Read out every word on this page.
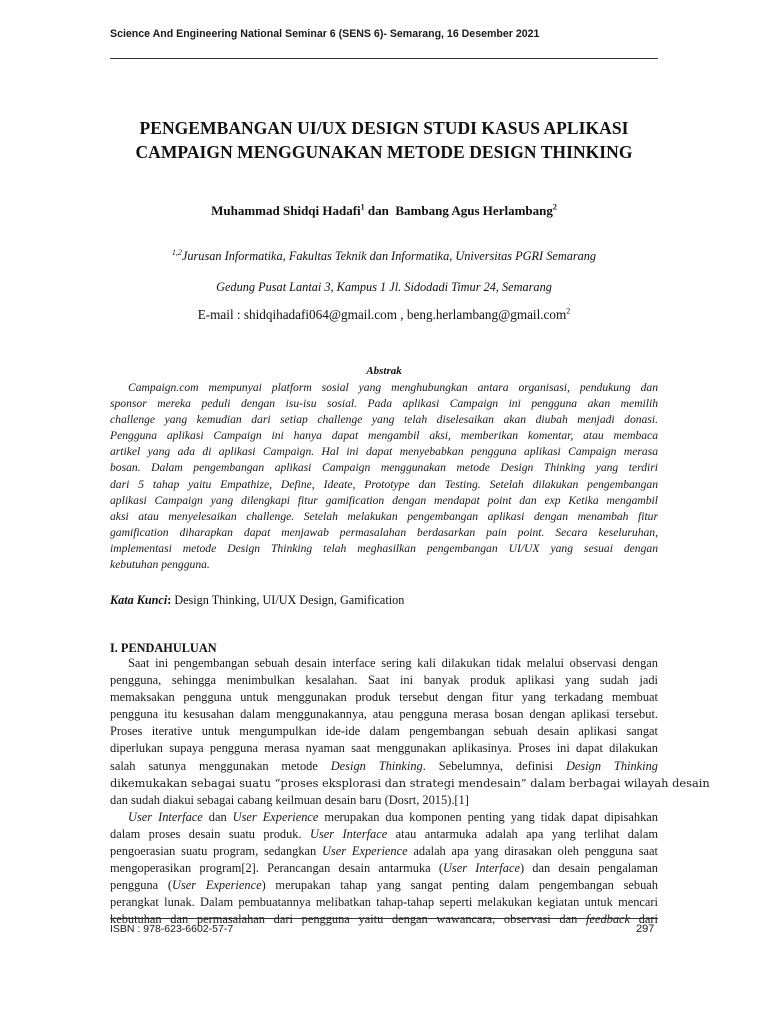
Science And Engineering National Seminar 6 (SENS 6)- Semarang, 16 Desember 2021
PENGEMBANGAN UI/UX DESIGN STUDI KASUS APLIKASI
CAMPAIGN MENGGUNAKAN METODE DESIGN THINKING
Muhammad Shidqi Hadafi$^1$ dan  Bambang Agus Herlambang$^2$
$^{1,2}$Jurusan Informatika, Fakultas Teknik dan Informatika, Universitas PGRI Semarang
Gedung Pusat Lantai 3, Kampus 1 Jl. Sidodadi Timur 24, Semarang
E-mail : shidqihadafi064@gmail.com , beng.herlambang@gmail.com$^2$
Abstrak
Campaign.com mempunyai platform sosial yang menghubungkan antara organisasi, pendukung dan
sponsor mereka peduli dengan isu-isu sosial. Pada aplikasi Campaign ini pengguna akan memilih
challenge yang kemudian dari setiap challenge yang telah diselesaikan akan diubah menjadi donasi.
Pengguna aplikasi Campaign ini hanya dapat mengambil aksi, memberikan komentar, atau membaca
artikel yang ada di aplikasi Campaign. Hal ini dapat menyebabkan pengguna aplikasi Campaign merasa
bosan. Dalam pengembangan aplikasi Campaign menggunakan metode Design Thinking yang terdiri
dari 5 tahap yaitu Empathize, Define, Ideate, Prototype dan Testing. Setelah dilakukan pengembangan
aplikasi Campaign yang dilengkapi fitur gamification dengan mendapat point dan exp Ketika mengambil
aksi atau menyelesaikan challenge. Setelah melakukan pengembangan aplikasi dengan menambah fitur
gamification diharapkan dapat menjawab permasalahan berdasarkan pain point. Secara keseluruhan,
implementasi metode Design Thinking telah meghasilkan pengembangan UI/UX yang sesuai dengan
kebutuhan pengguna.
Kata Kunci: Design Thinking, UI/UX Design, Gamification
I. PENDAHULUAN
Saat ini pengembangan sebuah desain interface sering kali dilakukan tidak melalui observasi dengan
pengguna, sehingga menimbulkan kesalahan. Saat ini banyak produk aplikasi yang sudah jadi
memaksakan pengguna untuk menggunakan produk tersebut dengan fitur yang terkadang membuat
pengguna itu kesusahan dalam menggunakannya, atau pengguna merasa bosan dengan aplikasi tersebut.
Proses iterative untuk mengumpulkan ide-ide dalam pengembangan sebuah desain aplikasi sangat
diperlukan supaya pengguna merasa nyaman saat menggunakan aplikasinya. Proses ini dapat dilakukan
salah satunya menggunakan metode Design Thinking. Sebelumnya, definisi Design Thinking
dikemukakan sebagai suatu “proses eksplorasi dan strategi mendesain” dalam berbagai wilayah desain
dan sudah diakui sebagai cabang keilmuan desain baru (Dosrt, 2015).[1]
User Interface dan User Experience merupakan dua komponen penting yang tidak dapat dipisahkan
dalam proses desain suatu produk. User Interface atau antarmuka adalah apa yang terlihat dalam
pengoerasian suatu program, sedangkan User Experience adalah apa yang dirasakan oleh pengguna saat
mengoperasikan program[2]. Perancangan desain antarmuka (User Interface) dan desain pengalaman
pengguna (User Experience) merupakan tahap yang sangat penting dalam pengembangan sebuah
perangkat lunak. Dalam pembuatannya melibatkan tahap-tahap seperti melakukan kegiatan untuk mencari
kebutuhan dan permasalahan dari pengguna yaitu dengan wawancara, observasi dan feedback dari
ISBN : 978-623-6602-57-7	297
